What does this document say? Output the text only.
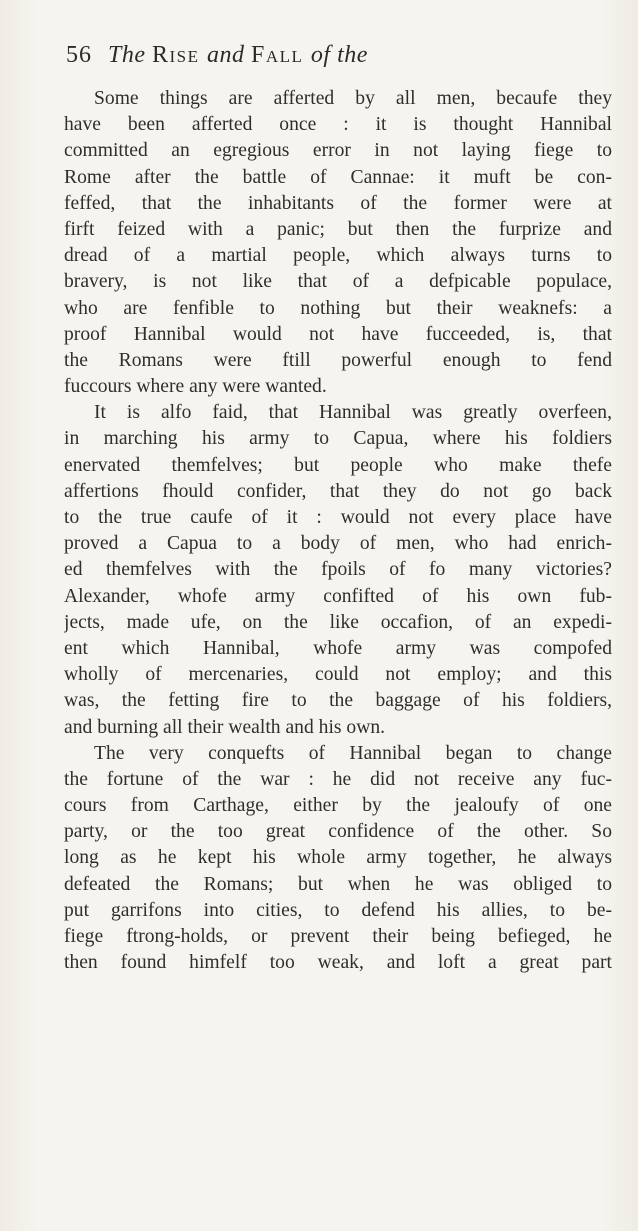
56 The Rise and Fall of the
Some things are afferted by all men, becaufe they
have been afferted once : it is thought Hannibal
committed an egregious error in not laying fiege to
Rome after the battle of Cannae: it muft be con-
feffed, that the inhabitants of the former were at
firft feized with a panic; but then the furprize and
dread of a martial people, which always turns to
bravery, is not like that of a defpicable populace,
who are fenfible to nothing but their weaknefs: a
proof Hannibal would not have fucceeded, is, that
the Romans were ftill powerful enough to fend
fuccours where any were wanted.
It is alfo faid, that Hannibal was greatly overfeen,
in marching his army to Capua, where his foldiers
enervated themfelves; but people who make thefe
affertions fhould confider, that they do not go back
to the true caufe of it : would not every place have
proved a Capua to a body of men, who had enrich-
ed themfelves with the fpoils of fo many victories?
Alexander, whofe army confifted of his own fub-
jects, made ufe, on the like occafion, of an expedi-
ent which Hannibal, whofe army was compofed
wholly of mercenaries, could not employ; and this
was, the fetting fire to the baggage of his foldiers,
and burning all their wealth and his own.
The very conquefts of Hannibal began to change
the fortune of the war : he did not receive any fuc-
cours from Carthage, either by the jealoufy of one
party, or the too great confidence of the other. So
long as he kept his whole army together, he always
defeated the Romans; but when he was obliged to
put garrifons into cities, to defend his allies, to be-
fiege ftrong-holds, or prevent their being befieged, he
then found himfelf too weak, and loft a great part
